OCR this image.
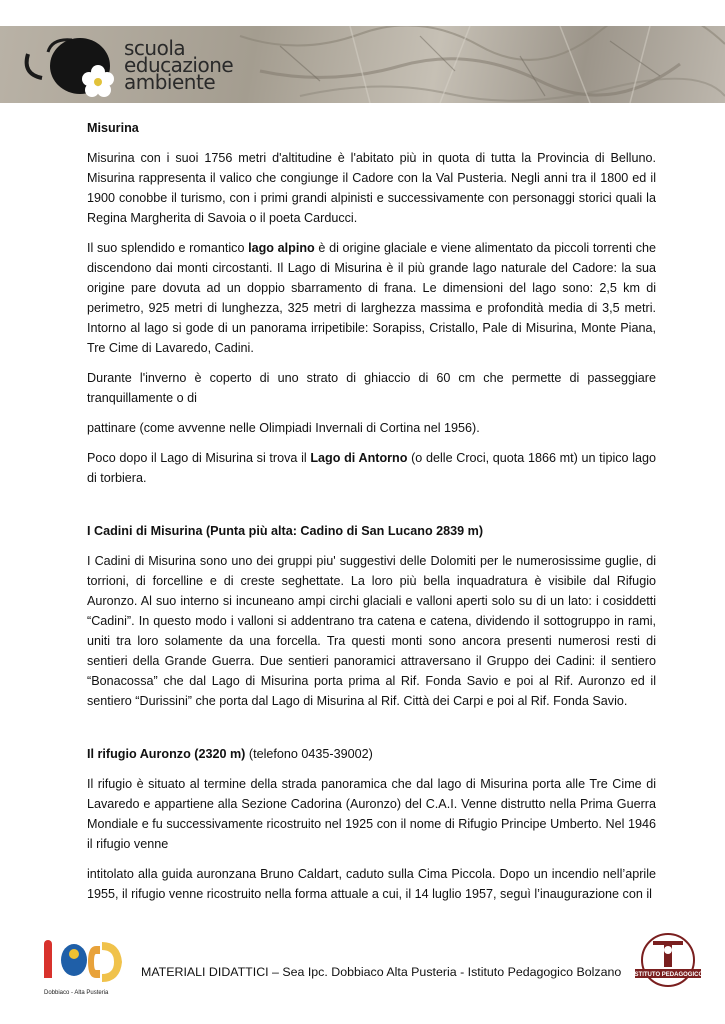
scuola
educazione
ambiente
Misurina

Misurina con i suoi 1756 metri d'altitudine è l'abitato più in quota di tutta la Provincia di Belluno. Misurina rappresenta il valico che congiunge il Cadore con la Val Pusteria. Negli anni tra il 1800 ed il 1900 conobbe il turismo, con i primi grandi alpinisti e successivamente con personaggi storici quali la Regina Margherita di Savoia o il poeta Carducci.

Il suo splendido e romantico lago alpino è di origine glaciale e viene alimentato da piccoli torrenti che discendono dai monti circostanti. Il Lago di Misurina è il più grande lago naturale del Cadore: la sua origine pare dovuta ad un doppio sbarramento di frana. Le dimensioni del lago sono: 2,5 km di perimetro, 925 metri di lunghezza, 325 metri di larghezza massima e profondità media di 3,5 metri. Intorno al lago si gode di un panorama irripetibile: Sorapiss, Cristallo, Pale di Misurina, Monte Piana, Tre Cime di Lavaredo, Cadini.

Durante l'inverno è coperto di uno strato di ghiaccio di 60 cm che permette di passeggiare tranquillamente o di

pattinare (come avvenne nelle Olimpiadi Invernali di Cortina nel 1956).

Poco dopo il Lago di Misurina si trova il Lago di Antorno (o delle Croci, quota 1866 mt) un tipico lago di torbiera.

I Cadini di Misurina (Punta più alta: Cadino di San Lucano 2839 m)

I Cadini di Misurina sono uno dei gruppi piu' suggestivi delle Dolomiti per le numerosissime guglie, di torrioni, di forcelline e di creste seghettate. La loro più bella inquadratura è visibile dal Rifugio Auronzo. Al suo interno si incuneano ampi circhi glaciali e valloni aperti solo su di un lato: i cosiddetti “Cadini”. In questo modo i valloni si addentrano tra catena e catena, dividendo il sottogruppo in rami, uniti tra loro solamente da una forcella. Tra questi monti sono ancora presenti numerosi resti di sentieri della Grande Guerra. Due sentieri panoramici attraversano il Gruppo dei Cadini: il sentiero “Bonacossa” che dal Lago di Misurina porta prima al Rif. Fonda Savio e poi al Rif. Auronzo ed il sentiero “Durissini” che porta dal Lago di Misurina al Rif. Città dei Carpi e poi al Rif. Fonda Savio.

Il rifugio Auronzo (2320 m) (telefono 0435-39002)

Il rifugio è situato al termine della strada panoramica che dal lago di Misurina porta alle Tre Cime di Lavaredo e appartiene alla Sezione Cadorina (Auronzo) del C.A.I. Venne distrutto nella Prima Guerra Mondiale e fu successivamente ricostruito nel 1925 con il nome di Rifugio Principe Umberto. Nel 1946 il rifugio venne

intitolato alla guida auronzana Bruno Caldart, caduto sulla Cima Piccola. Dopo un incendio nell’aprile 1955, il rifugio venne ricostruito nella forma attuale a cui, il 14 luglio 1957, seguì l’inaugurazione con il

Dobbiaco - Alta Pusteria
MATERIALI DIDATTICI – Sea Ipc. Dobbiaco Alta Pusteria - Istituto Pedagogico Bolzano ISTITUTO PEDAGOGICO
